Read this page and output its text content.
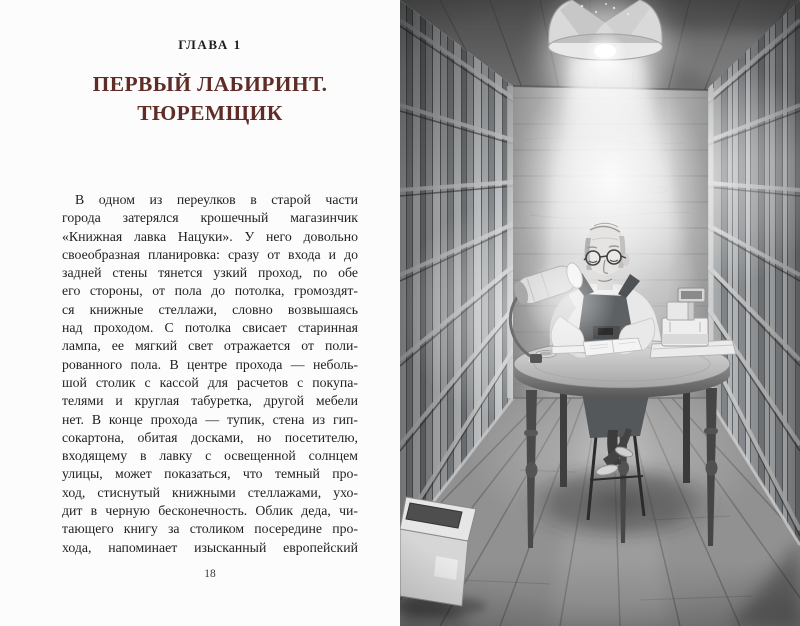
ГЛАВА 1
ПЕРВЫЙ ЛАБИРИНТ.
ТЮРЕМЩИК
В одном из переулков в старой части
города затерялся крошечный магазинчик
«Книжная лавка Нацуки». У него довольно
своеобразная планировка: сразу от входа и до
задней стены тянется узкий проход, по обе
его стороны, от пола до потолка, громоздят-
ся книжные стеллажи, словно возвышаясь
над проходом. С потолка свисает старинная
лампа, ее мягкий свет отражается от поли-
рованного пола. В центре прохода — неболь-
шой столик с кассой для расчетов с покупа-
телями и круглая табуретка, другой мебели
нет. В конце прохода — тупик, стена из гип-
сокартона, обитая досками, но посетителю,
входящему в лавку с освещенной солнцем
улицы, может показаться, что темный про-
ход, стиснутый книжными стеллажами, ухо-
дит в черную бесконечность. Облик деда, чи-
тающего книгу за столиком посередине про-
хода, напоминает изысканный европейский
18
